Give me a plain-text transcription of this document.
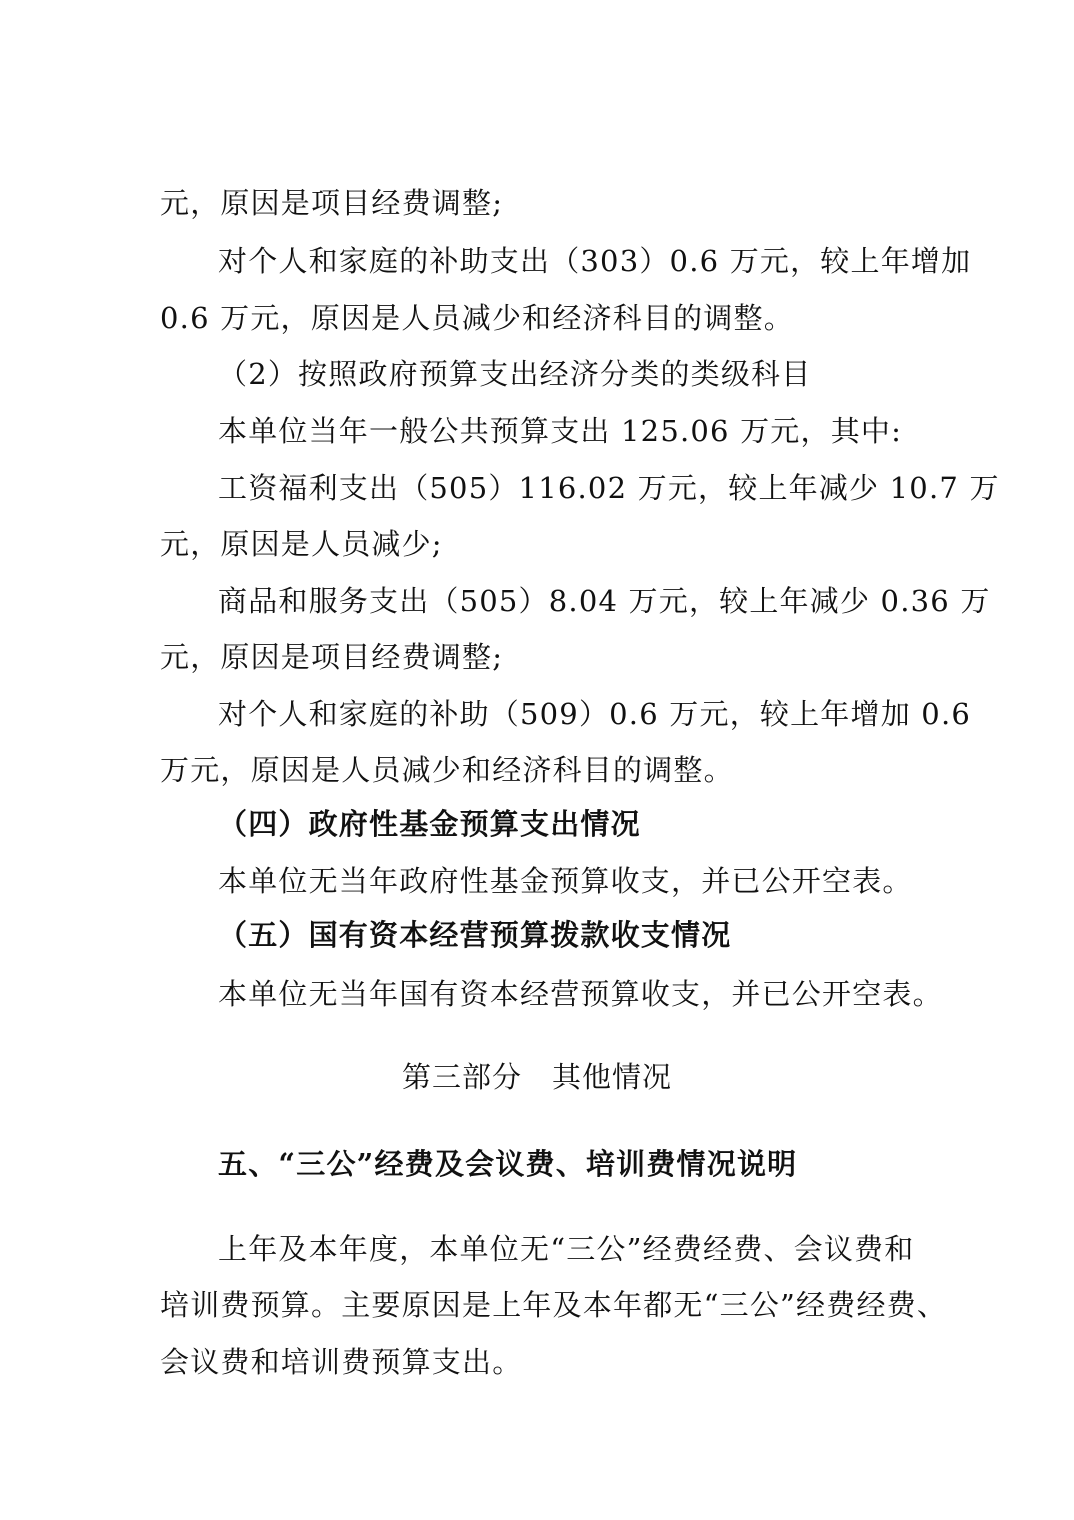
元，原因是项目经费调整;
对个人和家庭的补助支出（303）0.6 万元，较上年增加
0.6 万元，原因是人员减少和经济科目的调整。
（2）按照政府预算支出经济分类的类级科目
本单位当年一般公共预算支出 125.06 万元，其中:
工资福利支出（505）116.02 万元，较上年减少 10.7 万
元，原因是人员减少;
商品和服务支出（505）8.04 万元，较上年减少 0.36 万
元，原因是项目经费调整;
对个人和家庭的补助（509）0.6 万元，较上年增加 0.6
万元，原因是人员减少和经济科目的调整。
（四）政府性基金预算支出情况
本单位无当年政府性基金预算收支，并已公开空表。
（五）国有资本经营预算拨款收支情况
本单位无当年国有资本经营预算收支，并已公开空表。
第三部分　其他情况
五、“三公”经费及会议费、培训费情况说明
上年及本年度，本单位无“三公”经费经费、会议费和
培训费预算。主要原因是上年及本年都无“三公”经费经费、
会议费和培训费预算支出。
